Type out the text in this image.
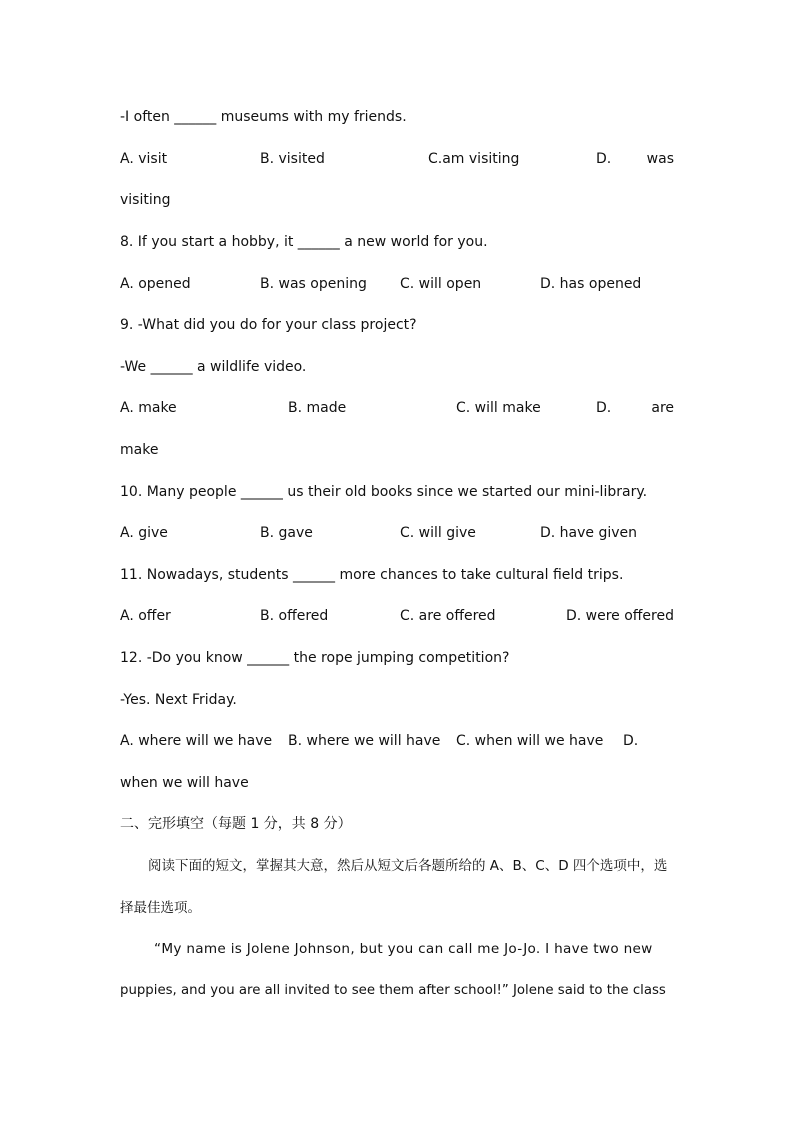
-I often ______ museums with my friends.
A. visit	B. visited	C.am visiting	D.	was
visiting
8. If you start a hobby, it ______ a new world for you.
A. opened	B. was opening C. will open	D. has opened
9. -What did you do for your class project?
-We ______ a wildlife video.
A. make	B. made	C. will make	D.	are
make
10. Many people ______ us their old books since we started our mini-library.
A. give	B. gave	C. will give	D. have given
11. Nowadays, students ______ more chances to take cultural field trips.
A. offer	B. offered	C. are offered	D. were offered
12. -Do you know ______ the rope jumping competition?
-Yes. Next Friday.
A. where will we have B. where we will have C. when will we have D.
when we will have
二、完形填空（每题 1 分，共 8 分）
阅读下面的短文，掌握其大意，然后从短文后各题所给的 A、B、C、D 四个选项中，选
择最佳选项。
“My name is Jolene Johnson, but you can call me Jo-Jo. I have two new
puppies, and you are all invited to see them after school!” Jolene said to the class
